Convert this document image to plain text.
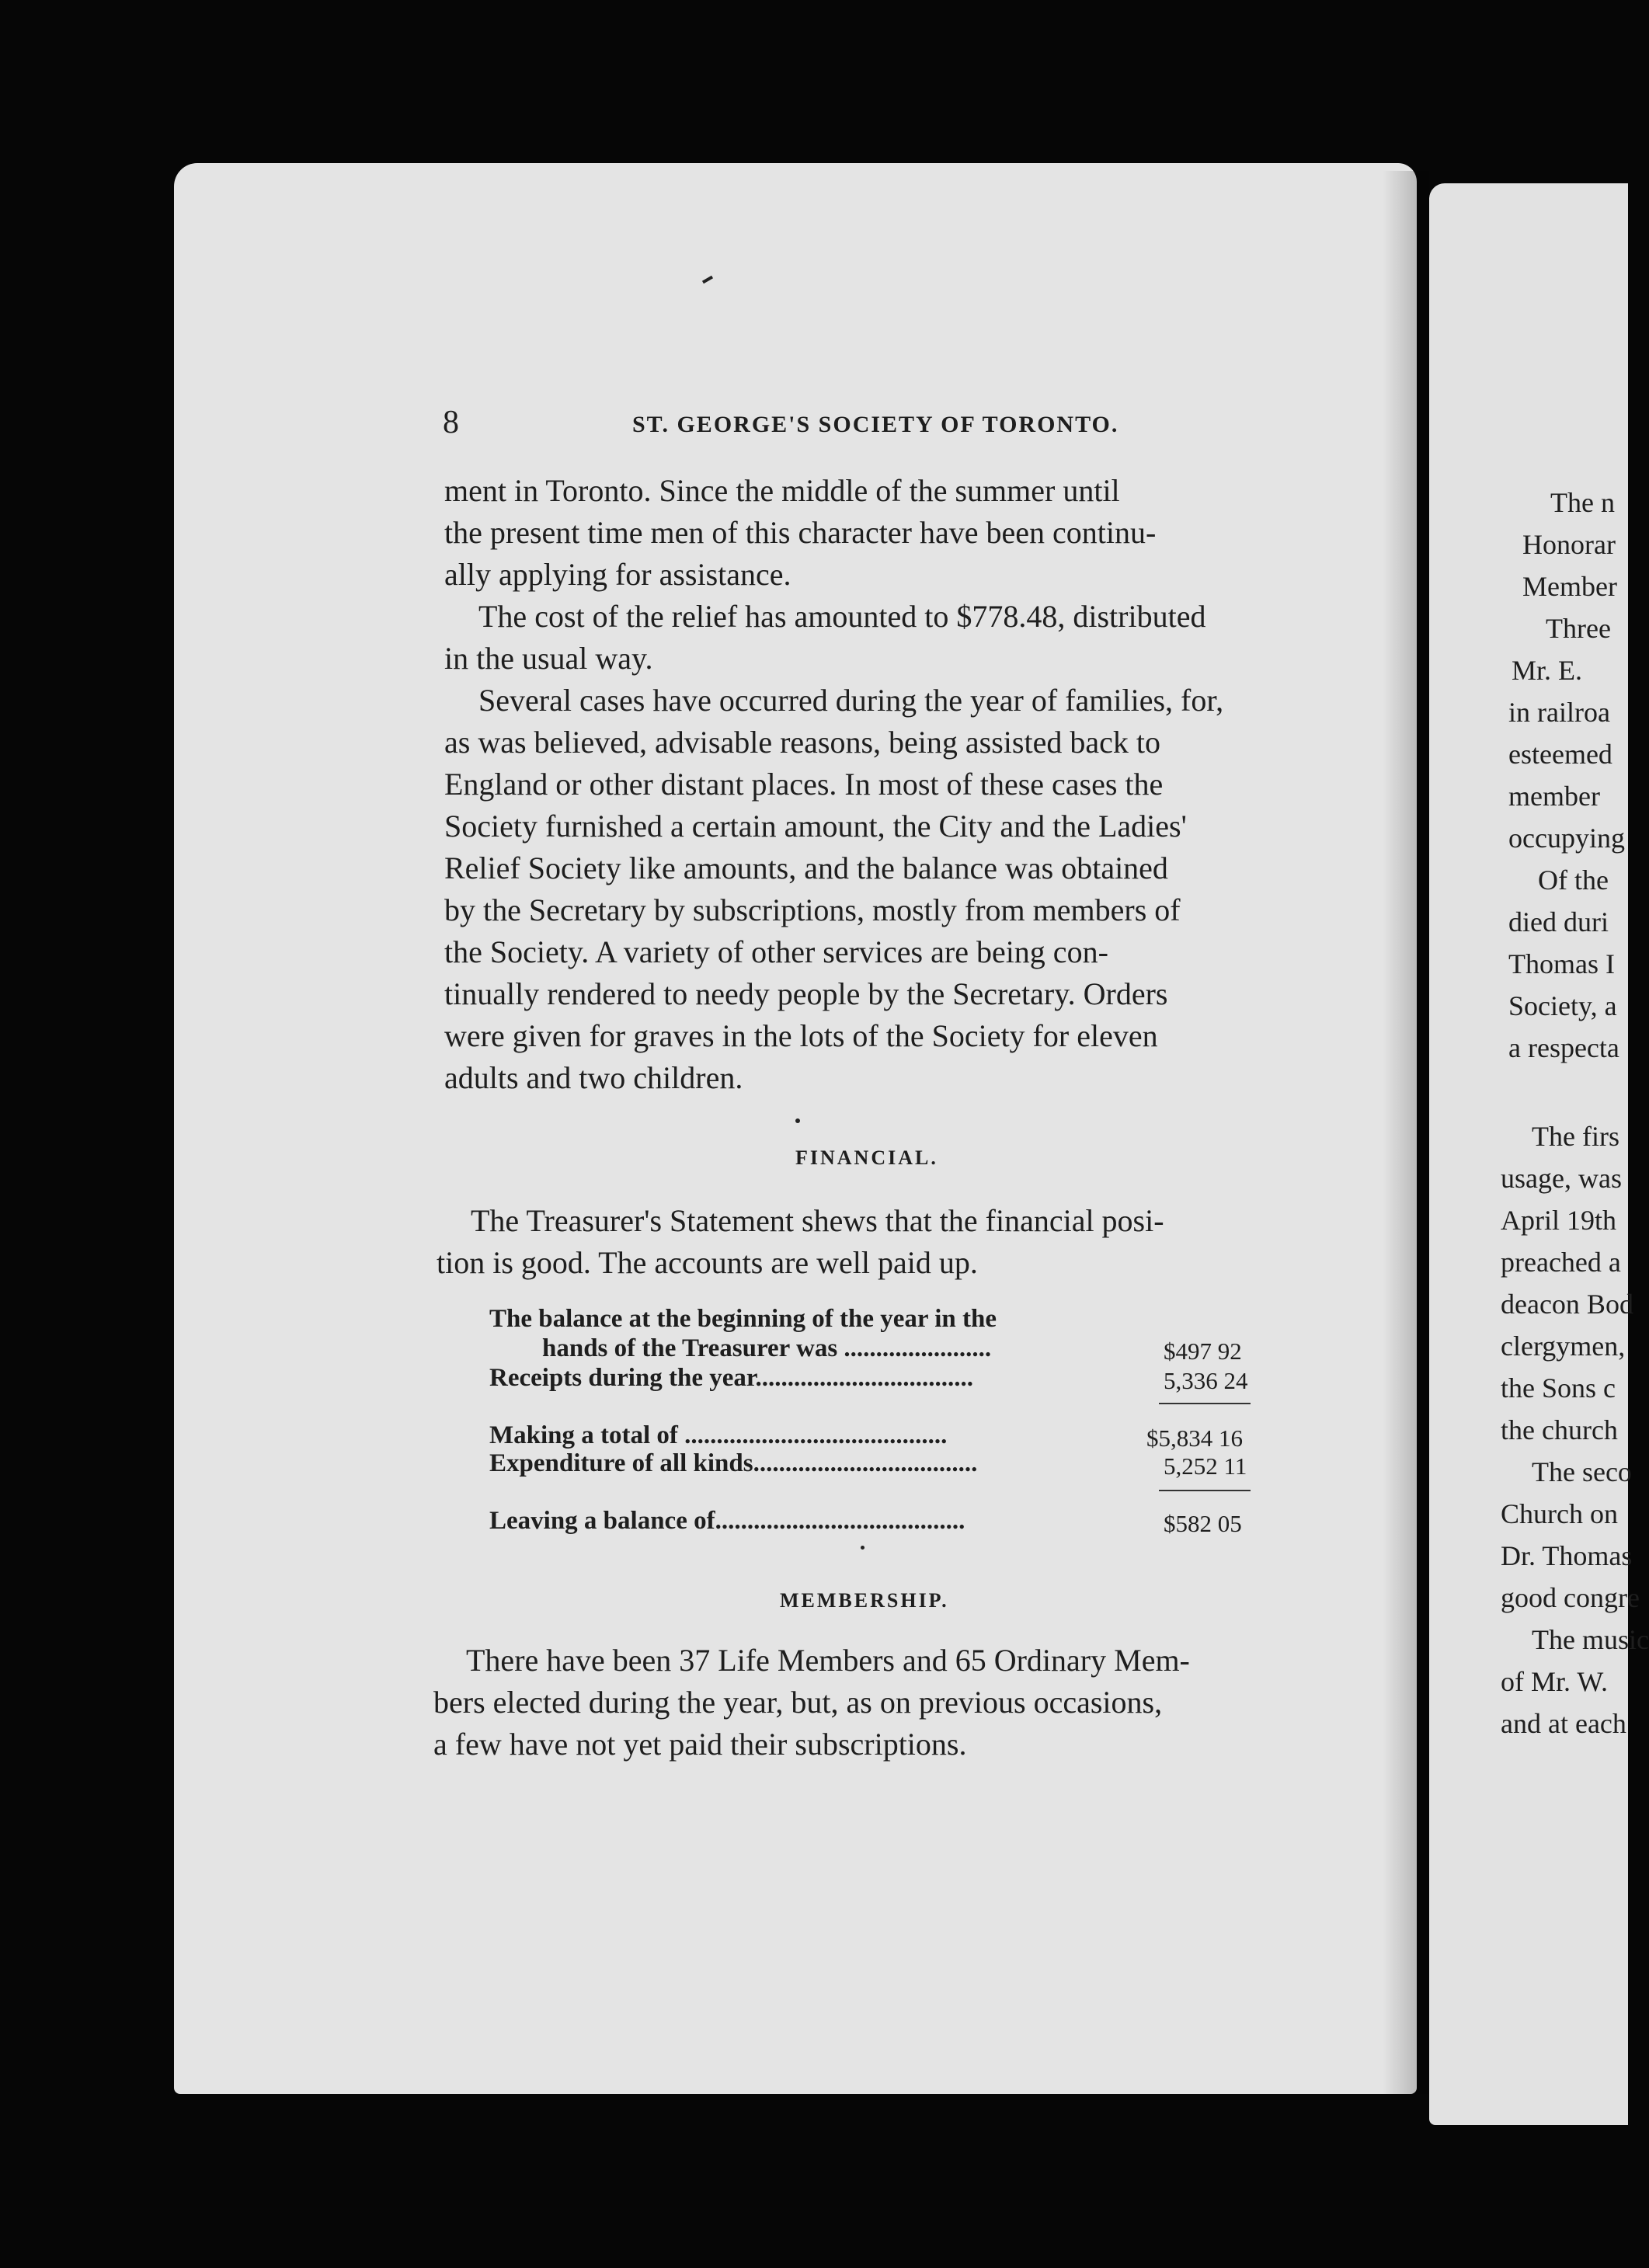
8	ST. GEORGE'S SOCIETY OF TORONTO.
ment in Toronto. Since the middle of the summer until
the present time men of this character have been continu-
ally applying for assistance.
The cost of the relief has amounted to $778.48, distributed
in the usual way.
Several cases have occurred during the year of families, for,
as was believed, advisable reasons, being assisted back to
England or other distant places. In most of these cases the
Society furnished a certain amount, the City and the Ladies'
Relief Society like amounts, and the balance was obtained
by the Secretary by subscriptions, mostly from members of
the Society. A variety of other services are being con-
tinually rendered to needy people by the Secretary. Orders
were given for graves in the lots of the Society for eleven
adults and two children.
FINANCIAL.
The Treasurer's Statement shews that the financial posi-
tion is good. The accounts are well paid up.
The balance at the beginning of the year in the
hands of the Treasurer was .......................	$497 92
Receipts during the year..................................	5,336 24
Making a total of .........................................	$5,834 16
Expenditure of all kinds...................................	5,252 11
Leaving a balance of.......................................	$582 05
MEMBERSHIP.
There have been 37 Life Members and 65 Ordinary Mem-
bers elected during the year, but, as on previous occasions,
a few have not yet paid their subscriptions.
The n
Honorar
Member
Three
Mr. E.
in railroa
esteemed
member
occupying
Of the
died duri
Thomas I
Society, a
a respecta
The firs
usage, was
April 19th
preached a
deacon Bod
clergymen,
the Sons c
the church
The seco
Church on
Dr. Thomas
good congre
The music
of Mr. W.
and at each
